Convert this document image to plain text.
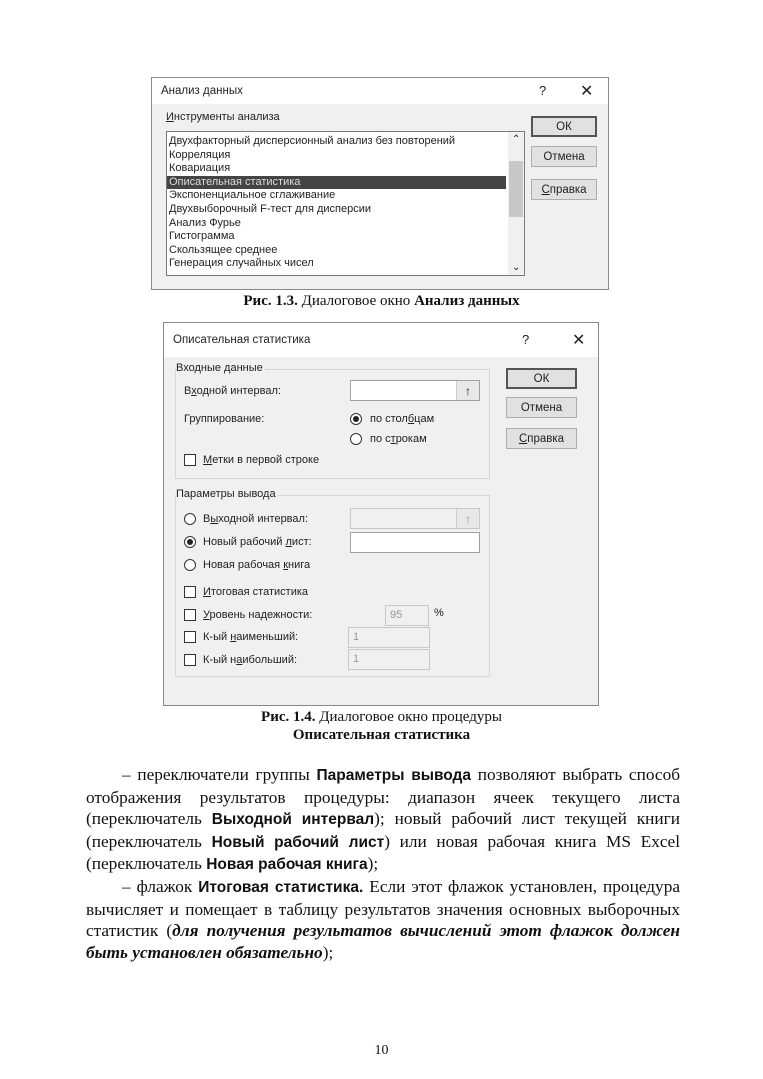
Анализ данных	? ✕
Инструменты анализа
Двухфакторный дисперсионный анализ без повторений
Корреляция
Ковариация
Описательная статистика
Экспоненциальное сглаживание
Двухвыборочный F-тест для дисперсии
Анализ Фурье
Гистограмма
Скользящее среднее
Генерация случайных чисел
⌃
⌄
ОК
Отмена
Справка
Рис. 1.3. Диалоговое окно Анализ данных
Описательная статистика	?	✕
Входные данные
Входной интервал:	↑
Группирование:	по столбцам
по строкам
Метки в первой строке
Параметры вывода
Выходной интервал:	↑
Новый рабочий лист:
Новая рабочая книга
Итоговая статистика
Уровень надежности:	95	%
К-ый наименьший:	1
К-ый наибольший:	1
ОК
Отмена
Справка
Рис. 1.4. Диалоговое окно процедуры
Описательная статистика

– переключатели группы Параметры вывода позволяют выбрать способ отображения результатов процедуры: диапазон ячеек текущего листа (переключатель Выходной интервал); новый рабочий лист текущей книги (переключатель Новый рабочий лист) или новая рабочая книга MS Excel (переключатель Новая рабочая книга);

– флажок Итоговая статистика. Если этот флажок установлен, процедура вычисляет и помещает в таблицу результатов значения основных выборочных статистик (для получения результатов вычислений этот флажок должен быть установлен обязательно);

10
